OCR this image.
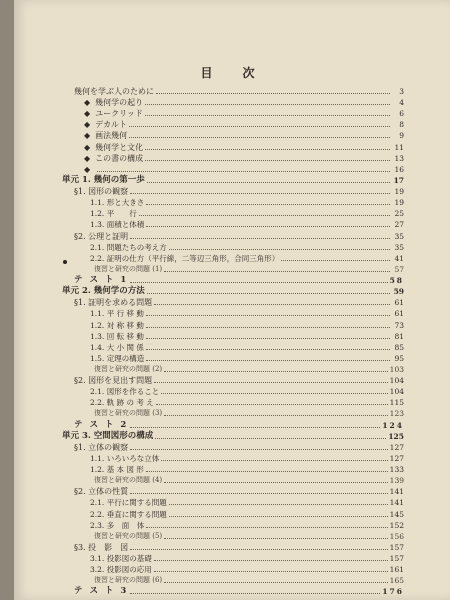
目　次
幾何を学ぶ人のために	3
◆ 幾何学の起り	4
◆ ユークリッド	6
◆ デカルト	8
◆ 画法幾何	9
◆ 幾何学と文化	11
◆ この書の構成	13
◆	16
単元 1. 幾何の第一歩	17
§1. 図形の観察	19
1.1. 形と大きさ	19
1.2. 平　　行	25
1.3. 面積と体積	27
§2. 公理と証明	35
2.1. 問題たちの考え方	35
2.2. 証明の仕方（平行線，二等辺三角形，合同三角形）	41
復習と研究の問題 (1)	57
テ ス ト 1	58
単元 2. 幾何学の方法	59
§1. 証明を求める問題	61
1.1. 平 行 移 動	61
1.2. 対 称 移 動	73
1.3. 回 転 移 動	81
1.4. 大 小 関 係	85
1.5. 定理の構造	95
復習と研究の問題 (2)	103
§2. 図形を見出す問題	104
2.1. 図形を作ること	104
2.2. 軌 跡 の 考 え	115
復習と研究の問題 (3)	123
テ ス ト 2	124
単元 3. 空間図形の構成	125
§1. 立体の観察	127
1.1. いろいろな立体	127
1.2. 基 本 図 形	133
復習と研究の問題 (4)	139
§2. 立体の性質	141
2.1. 平行に関する問題	141
2.2. 垂直に関する問題	145
2.3. 多　面　体	152
復習と研究の問題 (5)	156
§3. 投　影　図	157
3.1. 投影図の基礎	157
3.2. 投影図の応用	161
復習と研究の問題 (6)	165
テ ス ト 3	176
